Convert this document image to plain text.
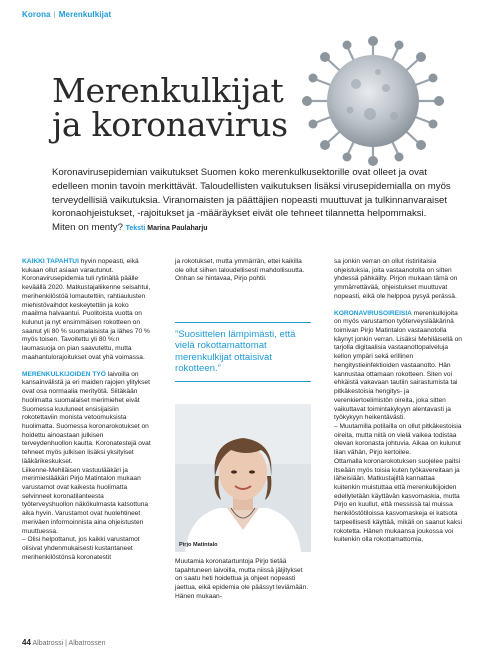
Korona | Merenkulkijat
Merenkulkijat
ja koronavirus
Koronavirusepidemian vaikutukset Suomen koko merenkulkusektorille ovat olleet ja ovat edelleen monin tavoin merkittävät. Taloudellisten vaikutuksen lisäksi virusepidemialla on myös terveydellisiä vaikutuksia. Viranomaisten ja päättäjien nopeasti muuttuvat ja tulkinnanvaraiset koronaohjeistukset, -rajoitukset ja -määräykset eivät ole tehneet tilannetta helpommaksi. Miten on menty? Teksti Marina Paulaharju

KAIKKI TAPAHTUI hyvin nopeasti, eikä kukaan ollut asiaan varautunut. Koronavirusepidemia tuli rytinällä päälle keväällä 2020. Matkustajaliikenne seisahtui, merihenkilöstöä lomautettiin, rahtiaulusten miehistövaihdot keskeytettiin ja koko maailma halvaantui. Puolitoista vuotta on kulunut ja nyt ensimmäisen rokotteen on saanut yli 80 % suomalaisista ja lähes 70 % myös toisen. Tavoitettu yli 80 %:n laumasuoja on pian saavutettu, mutta maahantulorajoitukset ovat yhä voimassa.

MERENKULKIJOIDEN TYÖ laivoilla on kansainvälistä ja eri maiden rajojen ylitykset ovat osa normaalia merityötä. Siitäkään huolimatta suomalaiset merimiehet eivät Suomessa kuuluneet ensisijaisiin rokotettaviin monista vetoomuksista huolimatta. Suomessa koronarokotukset on hoidettu ainoastaan julkisen terveydenhuollon kautta. Koronatestejä ovat tehneet myös julkisen lisäksi yksityiset lääkärikeskukset.

Liikenne-Mehiläisen vastuulääkäri ja merimieslääkäri Pirjo Matintalon mukaan varustamot ovat kaikesta huolimatta selvinneet koronatilanteesta työterveyshuollon näkökulmasta katsottuna aika hyvin. Varustamot ovat huolehtineet meriväen informoinnista aina ohjeistusten muuttuessa.

– Olisi helpottanut, jos kaikki varustamot olisivat yhdenmukaisesti kustantaneet merihenkilöstönsä koronatestit

ja rokotukset, mutta ymmärrän, ettei kaikilla ole ollut siihen taloudellisesti mahdollisuutta. Onhan se hintavaa, Pirjo pohtii.

”Suosittelen lämpimästi, että vielä rokottamattomat merenkulkijat ottaisivat rokotteen.”
Pirjo Matintalo

Muutamia koronatartuntoja Pirjo tietää tapahtuneen laivoilla, mutta niissä jäljitykset on saatu heti hoidettua ja ohjeet nopeasti jaettua, eikä epidemia ole päässyt leviämään. Hänen mukaan-

sa jonkin verran on ollut ristiriitaisia ohjeistuksia, joita vastaanotolla on sitten yhdessä pähkäilty. Pirjon mukaan tämä on ymmärrettävää, ohjeistukset muuttuvat nopeasti, eikä ole helppoa pysyä perässä.

KORONAVIRUSOIREISIA merenkulkijoita on myös varustamon työterveyslääkärinä toimivan Pirjo Matintalon vastaanotolla käynyt jonkin verran. Lisäksi Mehiläisellä on tarjolla digitaalisia vastaanottopalveluja kellon ympäri sekä erillinen hengitystieinfektioiden vastaanotto. Hän kannustaa ottamaan rokotteen. Siten voi ehkäistä vakavaan tautiin sairastumista tai pitkäkestoisia hengitys- ja verenkiertoelimistön oireita, joka sitten vaikuttavat toimintakykyyn alentavasti ja työkykyyn heikentävästi.

– Muutamilla potilailla on ollut pitkäkestoisia oireita, mutta niitä on vielä vaikea todistaa olevan koronasta johtuvia. Aikaa on kulunut liian vähän, Pirjo kertoilee.

Ottamalla koronarokotuksen suojelee paitsi itseään myös toisia kuten työkavereitaan ja läheisiään. Matkustajiltä kannattaa kuitenkin muistuttaa että merenkulkijoiden edellytetään käyttävän kasvomaskia, mutta Pirjo en kuullut, että messissä tai muissa henkilöstötiloissa kasvomaskeja ei katsota tarpeellisesti käyttää, mikäli on saanut kaksi rokotetta. Hänen mukaansa joukossa voi kuitenkin olla rokottamattomia,

44 Albatrossi | Albatrossen
